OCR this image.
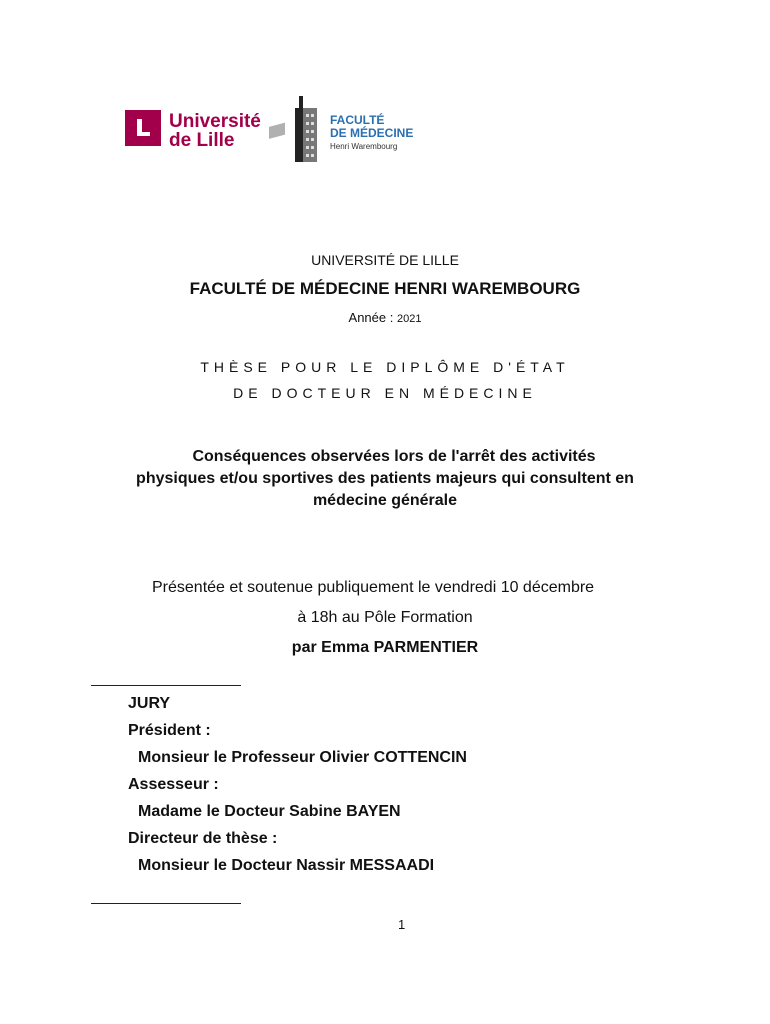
Université
de Lille
FACULTÉ
DE MÉDECINE
Henri Warembourg
UNIVERSITÉ DE LILLE
FACULTÉ DE MÉDECINE HENRI WAREMBOURG
Année : 2021
THÈSE POUR LE DIPLÔME D'ÉTAT
DE DOCTEUR EN MÉDECINE
Conséquences observées lors de l'arrêt des activités
physiques et/ou sportives des patients majeurs qui consultent en
médecine générale
Présentée et soutenue publiquement le vendredi 10 décembre
à 18h au Pôle Formation
par Emma PARMENTIER
JURY
Président :
Monsieur le Professeur Olivier COTTENCIN
Assesseur :
Madame le Docteur Sabine BAYEN
Directeur de thèse :
Monsieur le Docteur Nassir MESSAADI
1
